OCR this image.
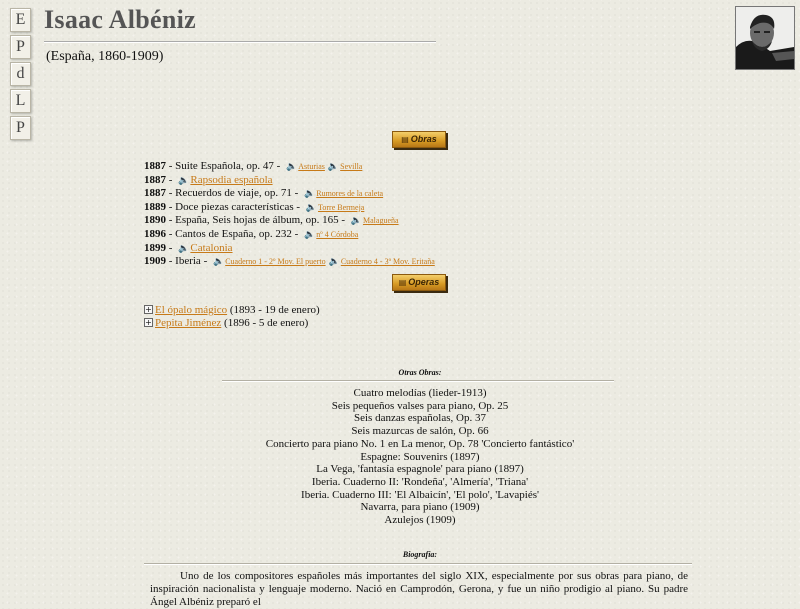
E
P
d
L
P
Isaac Albéniz
(España, 1860-1909)
▤ Obras
1887 - Suite Española, op. 47 - 🔈Asturias 🔈Sevilla
1887 - 🔈Rapsodia española
1887 - Recuerdos de viaje, op. 71 - 🔈Rumores de la caleta
1889 - Doce piezas características - 🔈Torre Bermeja
1890 - España, Seis hojas de álbum, op. 165 - 🔈Malagueña
1896 - Cantos de España, op. 232 - 🔈nº 4 Córdoba
1899 - 🔈Catalonia
1909 - Iberia - 🔈Cuaderno 1 - 2º Mov. El puerto 🔈Cuaderno 4 - 3º Mov. Eritaña
▤ Operas
+ El ópalo mágico (1893 - 19 de enero)
+ Pepita Jiménez (1896 - 5 de enero)
Otras Obras:
Cuatro melodías (lieder-1913)
Seis pequeños valses para piano, Op. 25
Seis danzas españolas, Op. 37
Seis mazurcas de salón, Op. 66
Concierto para piano No. 1 en La menor, Op. 78 'Concierto fantástico'
Espagne: Souvenirs (1897)
La Vega, 'fantasía espagnole' para piano (1897)
Iberia. Cuaderno II: 'Rondeña', 'Almería', 'Triana'
Iberia. Cuaderno III: 'El Albaicín', 'El polo', 'Lavapiés'
Navarra, para piano (1909)
Azulejos (1909)
Biografia:

Uno de los compositores españoles más importantes del siglo XIX, especialmente por sus obras para piano, de inspiración nacionalista y lenguaje moderno. Nació en Camprodón, Gerona, y fue un niño prodigio al piano. Su padre Ángel Albéniz preparó el
